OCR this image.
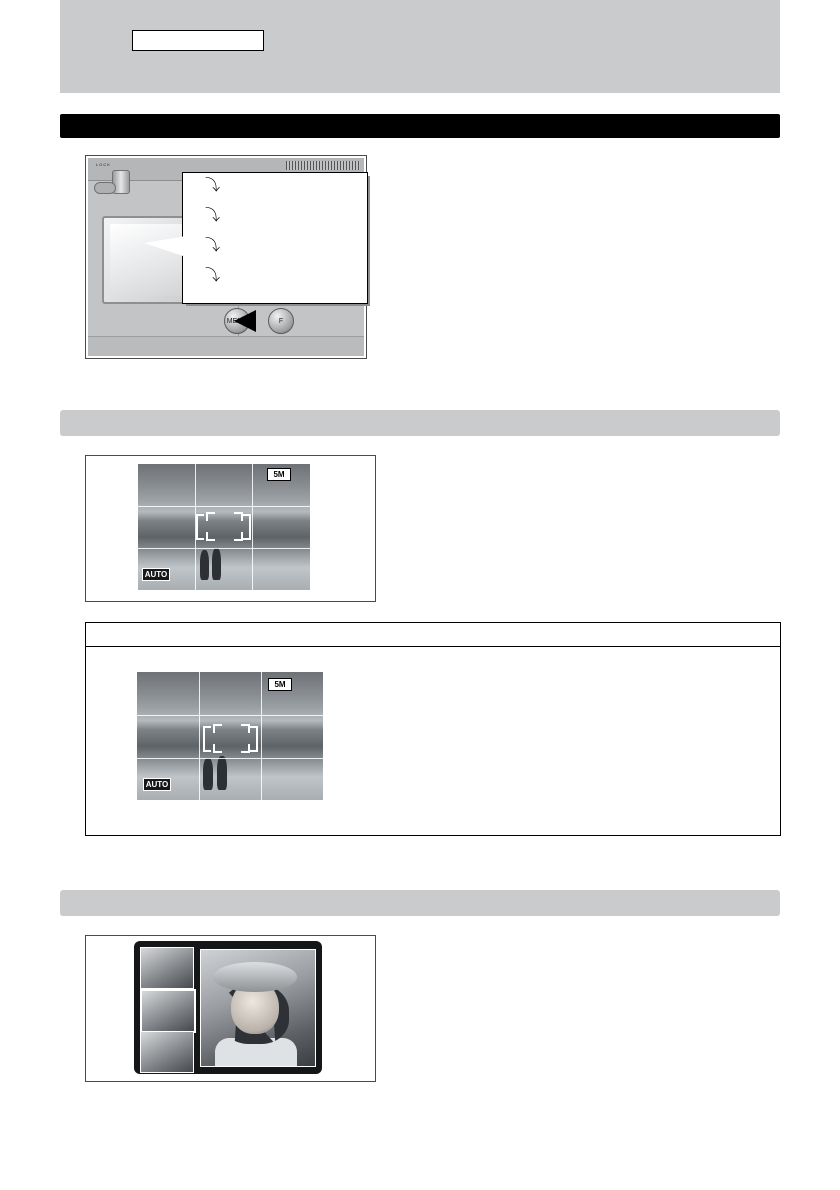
LOCK
MENU	F
⤵
⤵
⤵
⤵
5M
AUTO
5M
AUTO
